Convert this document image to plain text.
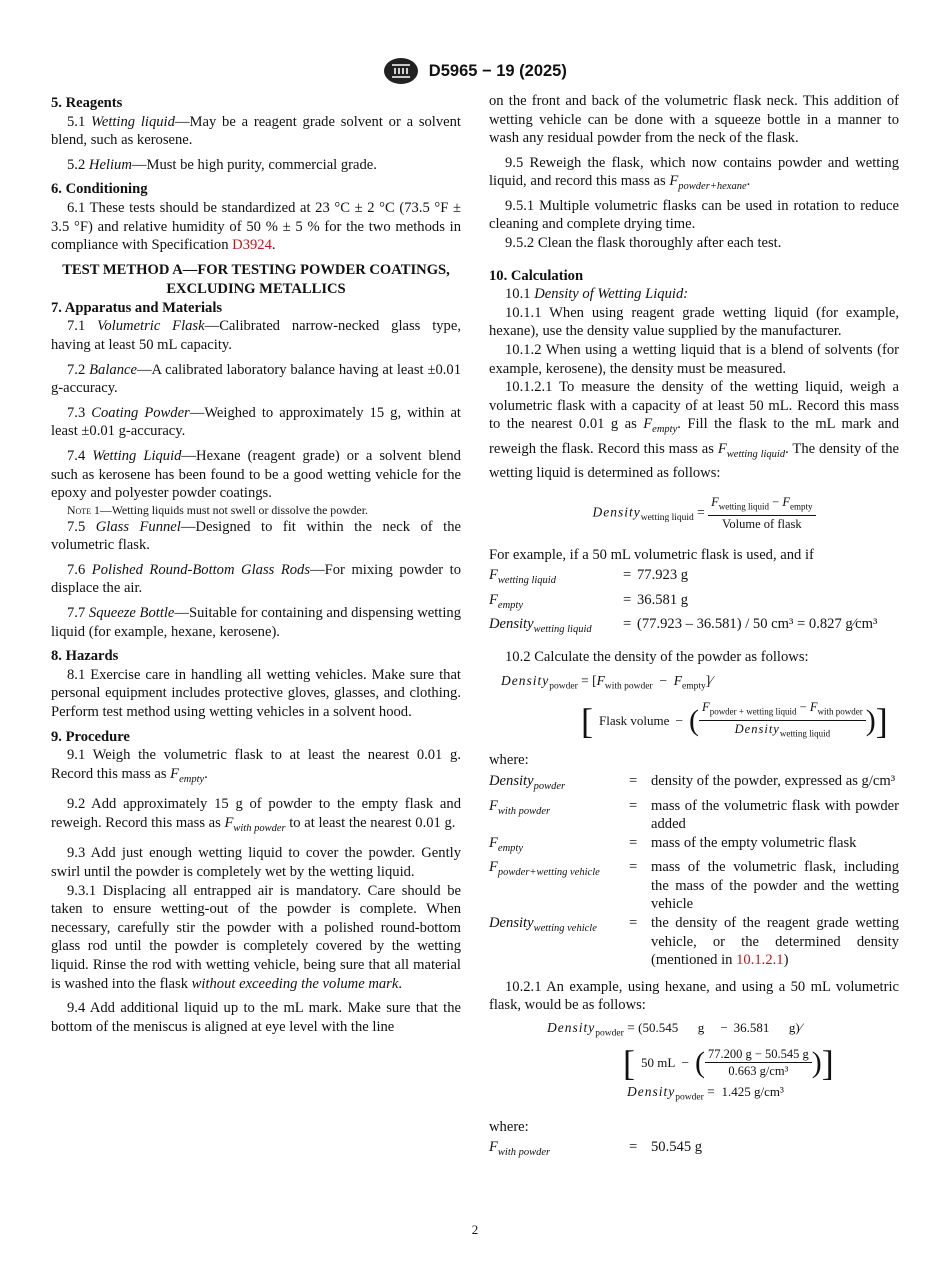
D5965 − 19 (2025)

5. Reagents

5.1 Wetting liquid—May be a reagent grade solvent or a solvent blend, such as kerosene.

5.2 Helium—Must be high purity, commercial grade.

6. Conditioning

6.1 These tests should be standardized at 23 °C ± 2 °C (73.5 °F ± 3.5 °F) and relative humidity of 50 % ± 5 % for the two methods in compliance with Specification D3924.

TEST METHOD A—FOR TESTING POWDER COATINGS, EXCLUDING METALLICS

7. Apparatus and Materials

7.1 Volumetric Flask—Calibrated narrow-necked glass type, having at least 50 mL capacity.

7.2 Balance—A calibrated laboratory balance having at least ±0.01 g-accuracy.

7.3 Coating Powder—Weighed to approximately 15 g, within at least ±0.01 g-accuracy.

7.4 Wetting Liquid—Hexane (reagent grade) or a solvent blend such as kerosene has been found to be a good wetting vehicle for the epoxy and polyester powder coatings.

Note 1—Wetting liquids must not swell or dissolve the powder.

7.5 Glass Funnel—Designed to fit within the neck of the volumetric flask.

7.6 Polished Round-Bottom Glass Rods—For mixing powder to displace the air.

7.7 Squeeze Bottle—Suitable for containing and dispensing wetting liquid (for example, hexane, kerosene).

8. Hazards

8.1 Exercise care in handling all wetting vehicles. Make sure that personal equipment includes protective gloves, glasses, and clothing. Perform test method using wetting vehicles in a solvent hood.

9. Procedure

9.1 Weigh the volumetric flask to at least the nearest 0.01 g. Record this mass as $F_{empty}$.

9.2 Add approximately 15 g of powder to the empty flask and reweigh. Record this mass as $F_{with powder}$ to at least the nearest 0.01 g.

9.3 Add just enough wetting liquid to cover the powder. Gently swirl until the powder is completely wet by the wetting liquid.

9.3.1 Displacing all entrapped air is mandatory. Care should be taken to ensure wetting-out of the powder is complete. When necessary, carefully stir the powder with a polished round-bottom glass rod until the powder is completely covered by the wetting liquid. Rinse the rod with wetting vehicle, being sure that all material is washed into the flask without exceeding the volume mark.

9.4 Add additional liquid up to the mL mark. Make sure that the bottom of the meniscus is aligned at eye level with the line

on the front and back of the volumetric flask neck. This addition of wetting vehicle can be done with a squeeze bottle in a manner to wash any residual powder from the neck of the flask.

9.5 Reweigh the flask, which now contains powder and wetting liquid, and record this mass as $F_{powder+hexane}$.

9.5.1 Multiple volumetric flasks can be used in rotation to reduce cleaning and complete drying time.

9.5.2 Clean the flask thoroughly after each test.

10. Calculation

10.1 Density of Wetting Liquid:

10.1.1 When using reagent grade wetting liquid (for example, hexane), use the density value supplied by the manufacturer.

10.1.2 When using a wetting liquid that is a blend of solvents (for example, kerosene), the density must be measured.

10.1.2.1 To measure the density of the wetting liquid, weigh a volumetric flask with a capacity of at least 50 mL. Record this mass to the nearest 0.01 g as $F_{empty}$. Fill the flask to the mL mark and reweigh the flask. Record this mass as $F_{wetting liquid}$. The density of the wetting liquid is determined as follows:

Density$_{wetting liquid}$ = $\frac{F_{wetting liquid} - F_{empty}}{\text{Volume of flask}}$

For example, if a 50 mL volumetric flask is used, and if

$F_{wetting liquid}$	= 77.923 g
$F_{empty}$	= 36.581 g
Density$_{wetting liquid}$	= (77.923 – 36.581) / 50 cm³ = 0.827 g⁄cm³

10.2 Calculate the density of the powder as follows:

Density$_{powder}$ = [$F_{with powder}$ − $F_{empty}]⁄$
[ Flask volume − ( $\frac{F_{powder + wetting liquid} - F_{with powder}}{Density_{wetting liquid}}$ ) ]

where:

Density$_{powder}$	= density of the powder, expressed as g/cm³
$F_{with powder}$	= mass of the volumetric flask with powder added
$F_{empty}$	= mass of the empty volumetric flask
$F_{powder+wetting vehicle}$	= mass of the volumetric flask, including the mass of the powder and the wetting vehicle
Density$_{wetting vehicle}$	= the density of the reagent grade wetting vehicle, or the determined density (mentioned in 10.1.2.1)

10.2.1 An example, using hexane, and using a 50 mL volumetric flask, would be as follows:

Density$_{powder}$ = (50.545   g  −  36.581   g)⁄
[ 50 mL − ( $\frac{77.200 g - 50.545 g}{\text{0.663 g/cm³}}$ ) ]
Density$_{powder}$ = 1.425 g/cm³

where:

$F_{with powder}$	= 50.545 g
2
